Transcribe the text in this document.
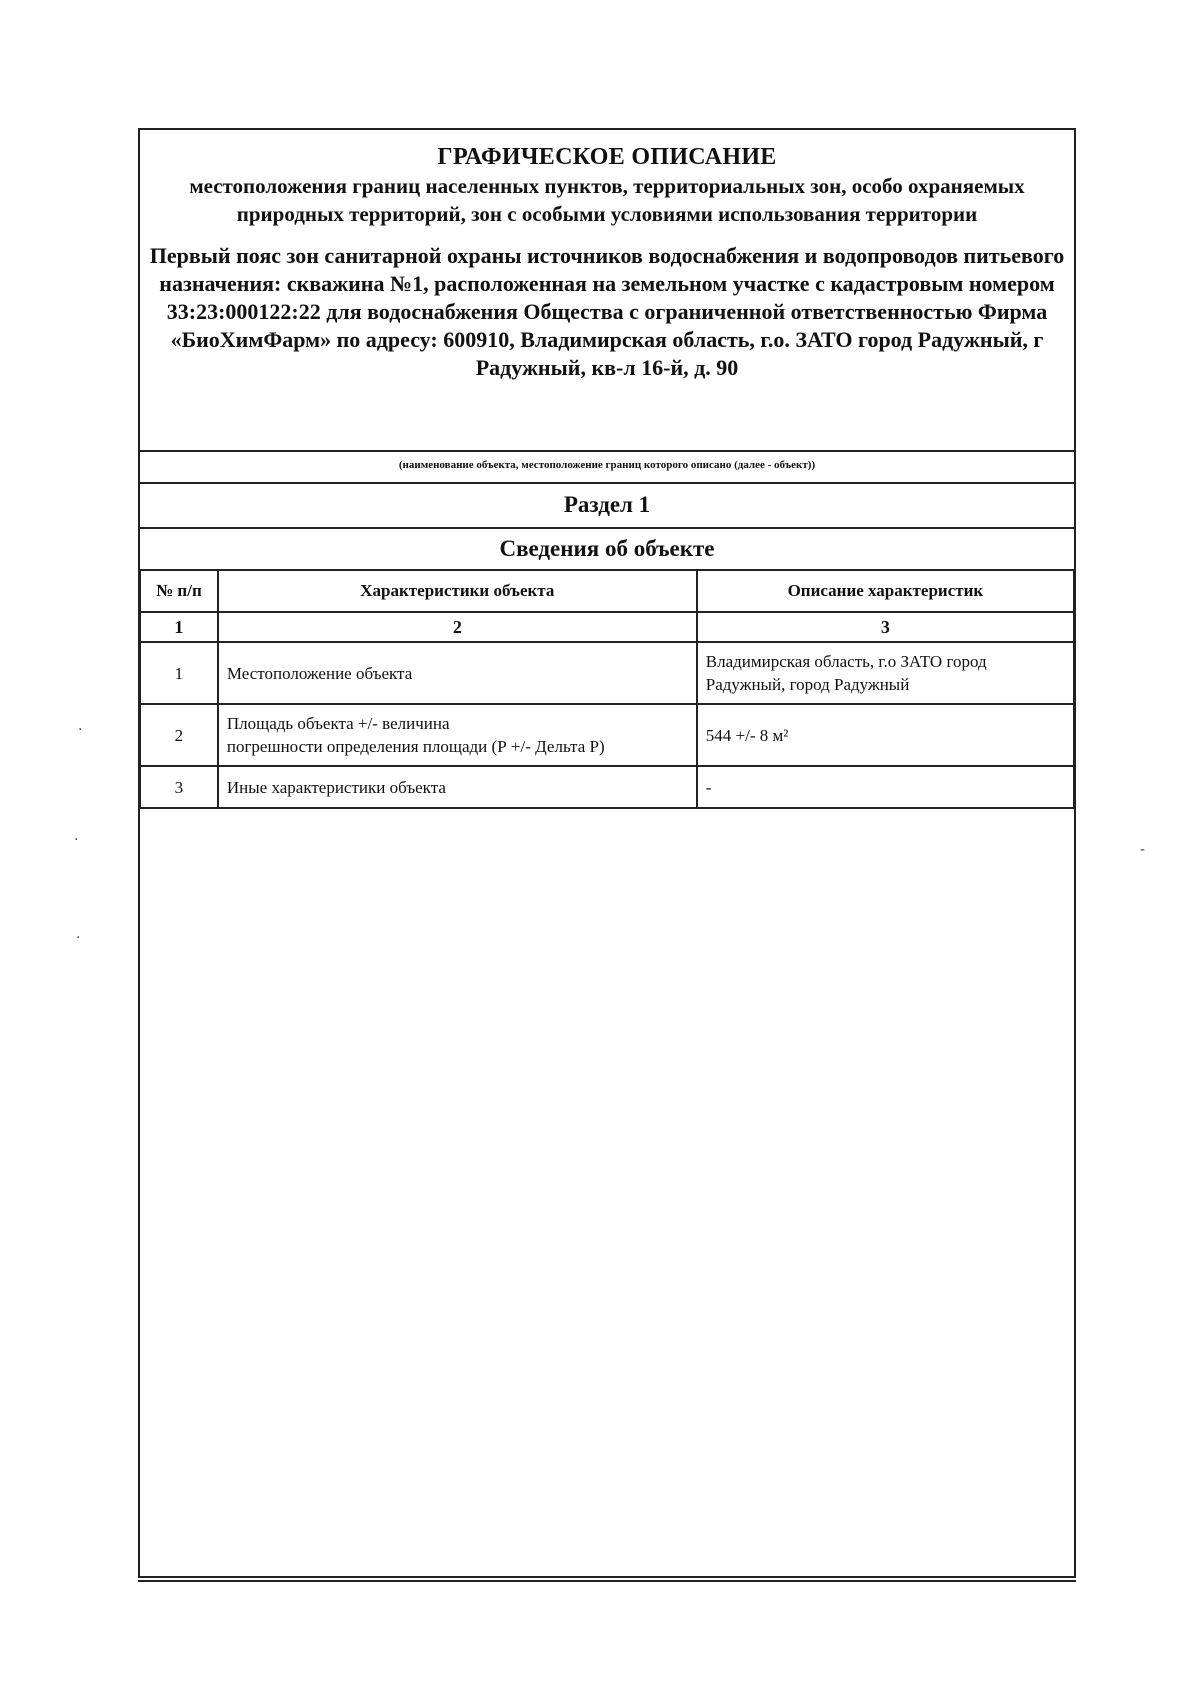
ГРАФИЧЕСКОЕ ОПИСАНИЕ
местоположения границ населенных пунктов, территориальных зон, особо охраняемых природных территорий, зон с особыми условиями использования территории
Первый пояс зон санитарной охраны источников водоснабжения и водопроводов питьевого назначения: скважина №1, расположенная на земельном участке с кадастровым номером 33:23:000122:22 для водоснабжения Общества с ограниченной ответственностью Фирма «БиоХимФарм» по адресу: 600910, Владимирская область, г.о. ЗАТО город Радужный, г Радужный, кв-л 16-й, д. 90
(наименование объекта, местоположение границ которого описано (далее - объект))
Раздел 1
Сведения об объекте
№ п/п	Характеристики объекта	Описание характеристик
1	2	3
1	Местоположение объекта	Владимирская область, г.о ЗАТО город
Радужный, город Радужный

2	Площадь объекта +/- величина
погрешности определения площади (Р +/- Дельта Р)	544 +/- 8 м²
3	Иные характеристики объекта	-
·
·
·
-
